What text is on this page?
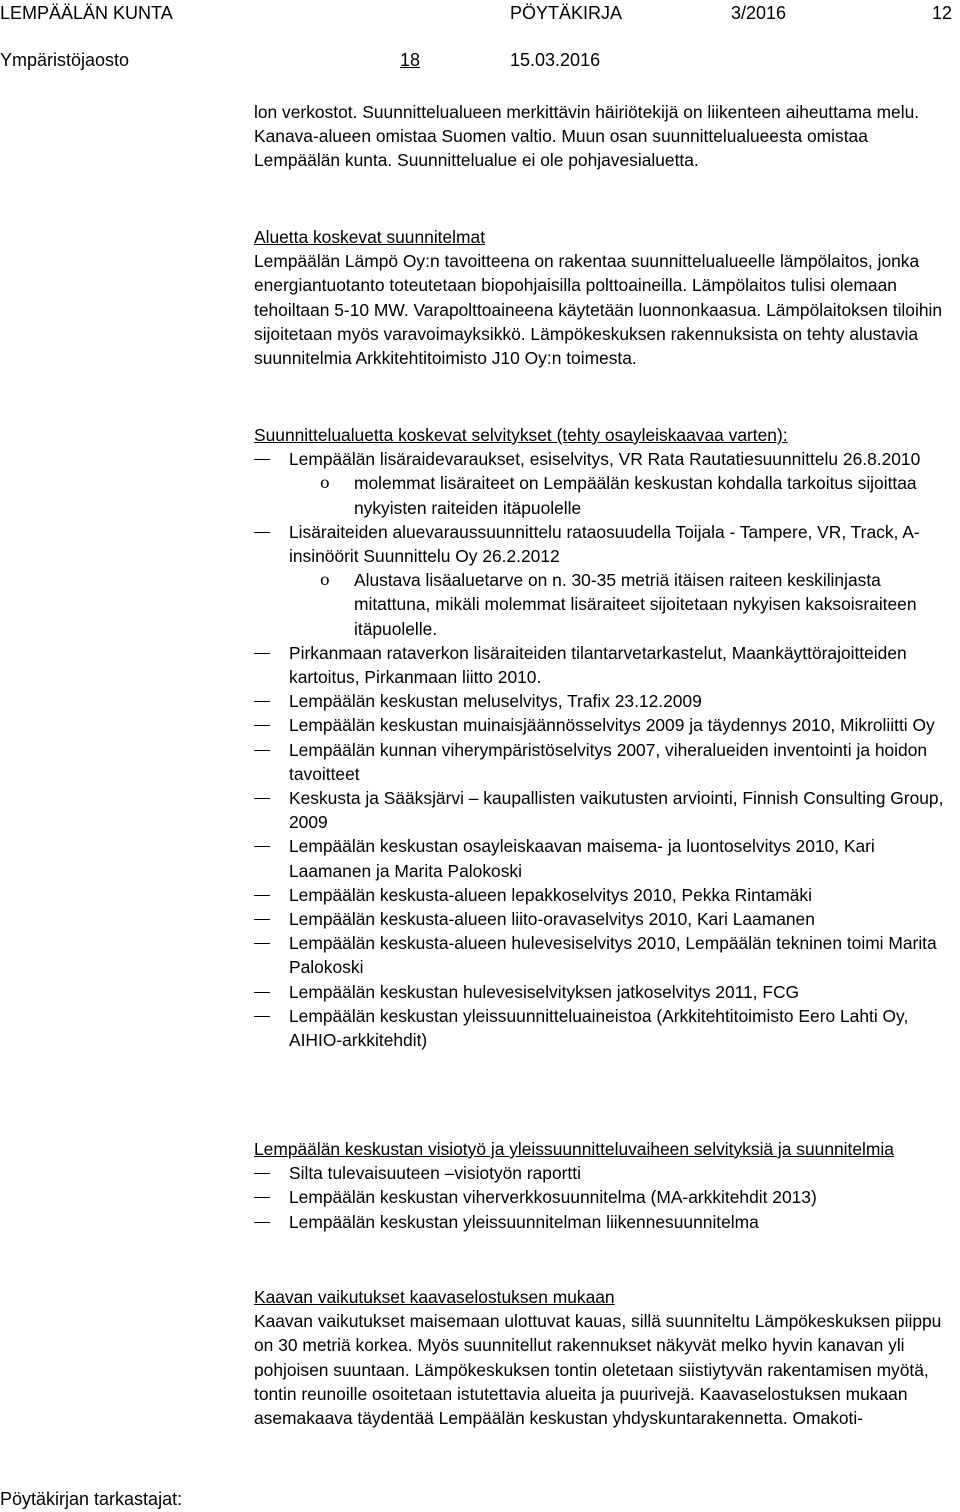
LEMPÄÄLÄN KUNTA	PÖYTÄKIRJA	3/2016	12
Ympäristöjaosto	18	15.03.2016

lon verkostot. Suunnittelualueen merkittävin häiriötekijä on liikenteen aiheuttama melu. Kanava-alueen omistaa Suomen valtio. Muun osan suunnittelualueesta omistaa Lempäälän kunta. Suunnittelualue ei ole pohjavesialuetta.

Aluetta koskevat suunnitelmat

Lempäälän Lämpö Oy:n tavoitteena on rakentaa suunnittelualueelle lämpölaitos, jonka energiantuotanto toteutetaan biopohjaisilla polttoaineilla. Lämpölaitos tulisi olemaan tehoiltaan 5-10 MW. Varapolttoaineena käytetään luonnonkaasua. Lämpölaitoksen tiloihin sijoitetaan myös varavoimayksikkö. Lämpökeskuksen rakennuksista on tehty alustavia suunnitelmia Arkkitehtitoimisto J10 Oy:n toimesta.

Suunnittelualuetta koskevat selvitykset (tehty osayleiskaavaa varten):

Lempäälän lisäraidevaraukset, esiselvitys, VR Rata Rautatiesuunnittelu 26.8.2010
ο molemmat lisäraiteet on Lempäälän keskustan kohdalla tarkoitus sijoittaa nykyisten raiteiden itäpuolelle
Lisäraiteiden aluevaraussuunnittelu rataosuudella Toijala - Tampere, VR, Track, A-insinöörit Suunnittelu Oy 26.2.2012
ο Alustava lisäaluetarve on n. 30-35 metriä itäisen raiteen keskilinjasta mitattuna, mikäli molemmat lisäraiteet sijoitetaan nykyisen kaksoisraiteen itäpuolelle.
Pirkanmaan rataverkon lisäraiteiden tilantarvetarkastelut, Maankäyttörajoitteiden kartoitus, Pirkanmaan liitto 2010.
Lempäälän keskustan meluselvitys, Trafix 23.12.2009
Lempäälän keskustan muinaisjäännösselvitys 2009 ja täydennys 2010, Mikroliitti Oy
Lempäälän kunnan viherympäristöselvitys 2007, viheralueiden inventointi ja hoidon tavoitteet
Keskusta ja Sääksjärvi – kaupallisten vaikutusten arviointi, Finnish Consulting Group, 2009
Lempäälän keskustan osayleiskaavan maisema- ja luontoselvitys 2010, Kari Laamanen ja Marita Palokoski
Lempäälän keskusta-alueen lepakkoselvitys 2010, Pekka Rintamäki
Lempäälän keskusta-alueen liito-oravaselvitys 2010, Kari Laamanen
Lempäälän keskusta-alueen hulevesiselvitys 2010, Lempäälän tekninen toimi Marita Palokoski
Lempäälän keskustan hulevesiselvityksen jatkoselvitys 2011, FCG
Lempäälän keskustan yleissuunnitteluaineistoa (Arkkitehtitoimisto Eero Lahti Oy, AIHIO-arkkitehdit)

Lempäälän keskustan visiotyö ja yleissuunnitteluvaiheen selvityksiä ja suunnitelmia

Silta tulevaisuuteen –visiotyön raportti
Lempäälän keskustan viherverkkosuunnitelma (MA-arkkitehdit 2013)
Lempäälän keskustan yleissuunnitelman liikennesuunnitelma

Kaavan vaikutukset kaavaselostuksen mukaan

Kaavan vaikutukset maisemaan ulottuvat kauas, sillä suunniteltu Lämpökeskuksen piippu on 30 metriä korkea. Myös suunnitellut rakennukset näkyvät melko hyvin kanavan yli pohjoisen suuntaan. Lämpökeskuksen tontin oletetaan siistiytyvän rakentamisen myötä, tontin reunoille osoitetaan istutettavia alueita ja puurivejä. Kaavaselostuksen mukaan asemakaava täydentää Lempäälän keskustan yhdyskuntarakennetta. Omakoti-

Pöytäkirjan tarkastajat:
